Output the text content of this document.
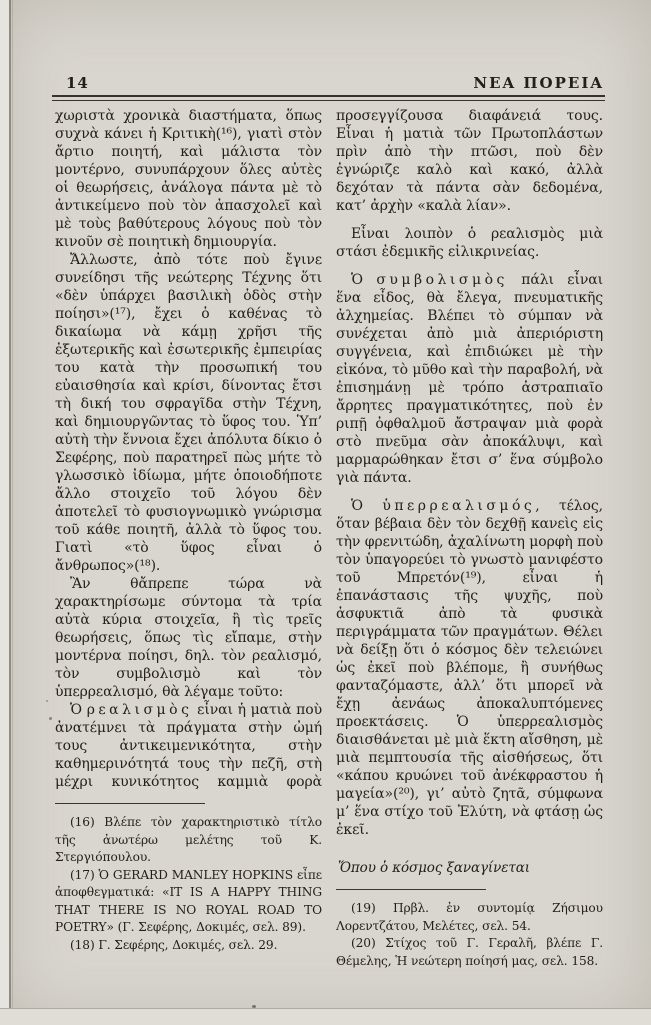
14	ΝΕΑ ΠΟΡΕΙΑ

χωριστὰ χρονικὰ διαστήματα, ὅπως συχνὰ κάνει ἡ Κριτικὴ(¹⁶), γιατὶ στὸν ἄρτιο ποιητή, καὶ μάλιστα τὸν μοντέρνο, συνυπάρχουν ὅλες αὐτὲς οἱ θεωρήσεις, ἀνάλογα πάντα μὲ τὸ ἀντικείμενο ποὺ τὸν ἀπασχολεῖ καὶ μὲ τοὺς βαθύτερους λόγους ποὺ τὸν κινοῦν σὲ ποιητικὴ δημιουργία.

Ἄλλωστε, ἀπὸ τότε ποὺ ἔγινε συνείδησι τῆς νεώτερης Τέχνης ὅτι «δὲν ὑπάρχει βασιλικὴ ὁδὸς στὴν ποίησι»(¹⁷), ἔχει ὁ καθένας τὸ δικαίωμα νὰ κάμῃ χρῆσι τῆς ἐξωτερικῆς καὶ ἐσωτερικῆς ἐμπειρίας του κατὰ τὴν προσωπική του εὐαισθησία καὶ κρίσι, δίνοντας ἔτσι τὴ δική του σφραγῖδα στὴν Τέχνη, καὶ δημιουργῶντας τὸ ὕφος του. Ὑπ’ αὐτὴ τὴν ἔννοια ἔχει ἀπόλυτα δίκιο ὁ Σεφέρης, ποὺ παρατηρεῖ πὼς μήτε τὸ γλωσσικὸ ἰδίωμα, μήτε ὁποιοδήποτε ἄλλο στοιχεῖο τοῦ λόγου δὲν ἀποτελεῖ τὸ φυσιογνωμικὸ γνώρισμα τοῦ κάθε ποιητῆ, ἀλλὰ τὸ ὕφος του. Γιατὶ «τὸ ὕφος εἶναι ὁ ἄνθρωπος»(¹⁸).

Ἂν θἄπρεπε τώρα νὰ χαρακτηρίσωμε σύντομα τὰ τρία αὐτὰ κύρια στοιχεῖα, ἢ τὶς τρεῖς θεωρήσεις, ὅπως τὶς εἴπαμε, στὴν μοντέρνα ποίησι, δηλ. τὸν ρεαλισμό, τὸν συμβολισμὸ καὶ τὸν ὑπερρεαλισμό, θὰ λέγαμε τοῦτο:

Ὁ ρεαλισμὸς εἶναι ἡ ματιὰ ποὺ ἀνατέμνει τὰ πράγματα στὴν ὠμή τους ἀντικειμενικότητα, στὴν καθημερινότητά τους τὴν πεζῆ, στὴ μέχρι κυνικότητος καμμιὰ φορὰ

(16) Βλέπε τὸν χαρακτηριστικὸ τίτλο τῆς ἀνωτέρω μελέτης τοῦ Κ. Στεργιόπουλου.

(17) Ὁ GERARD MANLEY HOPKINS εἶπε ἀποφθεγματικά: «IT IS A HAPPY THING THAT THERE IS NO ROYAL ROAD TO POETRY» (Γ. Σεφέρης, Δοκιμές, σελ. 89).

(18) Γ. Σεφέρης, Δοκιμές, σελ. 29.

προσεγγίζουσα διαφάνειά τους. Εἶναι ἡ ματιὰ τῶν Πρωτοπλάστων πρὶν ἀπὸ τὴν πτῶσι, ποὺ δὲν ἐγνώριζε καλὸ καὶ κακό, ἀλλὰ δεχόταν τὰ πάντα σὰν δεδομένα, κατ’ ἀρχὴν «καλὰ λίαν».

Εἶναι λοιπὸν ὁ ρεαλισμὸς μιὰ στάσι ἐδεμικῆς εἰλικρινείας.

Ὁ συμβολισμὸς πάλι εἶναι ἕνα εἶδος, θὰ ἔλεγα, πνευματικῆς ἀλχημείας. Βλέπει τὸ σύμπαν νὰ συνέχεται ἀπὸ μιὰ ἀπεριόριστη συγγένεια, καὶ ἐπιδιώκει μὲ τὴν εἰκόνα, τὸ μῦθο καὶ τὴν παραβολή, νὰ ἐπισημάνῃ μὲ τρόπο ἀστραπιαῖο ἄρρητες πραγματικότητες, ποὺ ἐν ριπῇ ὀφθαλμοῦ ἄστραψαν μιὰ φορὰ στὸ πνεῦμα σὰν ἀποκάλυψι, καὶ μαρμαρώθηκαν ἔτσι σ’ ἕνα σύμβολο γιὰ πάντα.

Ὁ ὑπερρεαλισμός, τέλος, ὅταν βέβαια δὲν τὸν δεχθῇ κανεὶς εἰς τὴν φρενιτώδη, ἀχαλίνωτη μορφὴ ποὺ τὸν ὑπαγορεύει τὸ γνωστὸ μανιφέστο τοῦ Μπρετόν(¹⁹), εἶναι ἡ ἐπανάστασις τῆς ψυχῆς, ποὺ ἀσφυκτιᾶ ἀπὸ τὰ φυσικὰ περιγράμματα τῶν πραγμάτων. Θέλει νὰ δείξῃ ὅτι ὁ κόσμος δὲν τελειώνει ὡς ἐκεῖ ποὺ βλέπομε, ἢ συνήθως φανταζόμαστε, ἀλλ’ ὅτι μπορεῖ νὰ ἔχῃ ἀενάως ἀποκαλυπτόμενες προεκτάσεις. Ὁ ὑπερρεαλισμὸς διαισθάνεται μὲ μιὰ ἕκτη αἴσθηση, μὲ μιὰ πεμπτουσία τῆς αἰσθήσεως, ὅτι «κάπου κρυώνει τοῦ ἀνέκφραστου ἡ μαγεία»(²⁰), γι’ αὐτὸ ζητᾶ, σύμφωνα μ’ ἕνα στίχο τοῦ Ἐλύτη, νὰ φτάσῃ ὡς ἐκεῖ.

Ὅπου ὁ κόσμος ξαναγίνεται

(19) Πρβλ. ἐν συντομίᾳ Ζήσιμου Λορεντζάτου, Μελέτες, σελ. 54.

(20) Στίχος τοῦ Γ. Γεραλῆ, βλέπε Γ. Θέμελης, Ἡ νεώτερη ποίησή μας, σελ. 158.
